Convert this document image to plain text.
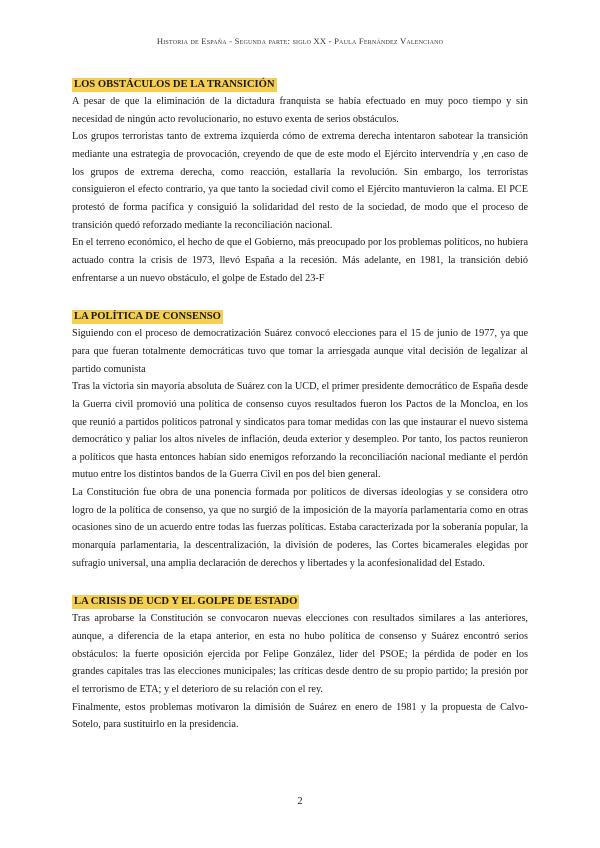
Historia de España - Segunda parte: siglo XX - Paula Fernández Valenciano
LOS OBSTÁCULOS DE LA TRANSICIÓN

A pesar de que la eliminación de la dictadura franquista se había efectuado en muy poco tiempo y sin necesidad de ningún acto revolucionario, no estuvo exenta de serios obstáculos.

Los grupos terroristas tanto de extrema izquierda cómo de extrema derecha intentaron sabotear la transición mediante una estrategia de provocación, creyendo de que de este modo el Ejército intervendría y ,en caso de los grupos de extrema derecha, como reacción, estallaría la revolución. Sin embargo, los terroristas consiguieron el efecto contrario, ya que tanto la sociedad civil como el Ejército mantuvieron la calma. El PCE protestó de forma pacífica y consiguió la solidaridad del resto de la sociedad, de modo que el proceso de transición quedó reforzado mediante la reconciliación nacional.

En el terreno económico, el hecho de que el Gobierno, más preocupado por los problemas políticos, no hubiera actuado contra la crisis de 1973, llevó España a la recesión. Más adelante, en 1981, la transición debió enfrentarse a un nuevo obstáculo, el golpe de Estado del 23-F

LA POLÍTICA DE CONSENSO

Siguiendo con el proceso de democratización Suárez convocó elecciones para el 15 de junio de 1977, ya que para que fueran totalmente democráticas tuvo que tomar la arriesgada aunque vital decisión de legalizar al partido comunista

Tras la victoria sin mayoría absoluta de Suárez con la UCD, el primer presidente democrático de España desde la Guerra civil promovió una política de consenso cuyos resultados fueron los Pactos de la Moncloa, en los que reunió a partidos políticos patronal y sindicatos para tomar medidas con las que instaurar el nuevo sistema democrático y paliar los altos niveles de inflación, deuda exterior y desempleo. Por tanto, los pactos reunieron a políticos que hasta entonces habían sido enemigos reforzando la reconciliación nacional mediante el perdón mutuo entre los distintos bandos de la Guerra Civil en pos del bien general.

La Constitución fue obra de una ponencia formada por políticos de diversas ideologías y se considera otro logro de la política de consenso, ya que no surgió de la imposición de la mayoría parlamentaria como en otras ocasiones sino de un acuerdo entre todas las fuerzas políticas. Estaba caracterizada por la soberanía popular, la monarquía parlamentaria, la descentralización, la división de poderes, las Cortes bicamerales elegidas por sufragio universal, una amplia declaración de derechos y libertades y la aconfesionalidad del Estado.

LA CRISIS DE UCD Y EL GOLPE DE ESTADO

Tras aprobarse la Constitución se convocaron nuevas elecciones con resultados similares a las anteriores, aunque, a diferencia de la etapa anterior, en esta no hubo política de consenso y Suárez encontró serios obstáculos: la fuerte oposición ejercida por Felipe González, líder del PSOE; la pérdida de poder en los grandes capitales tras las elecciones municipales; las críticas desde dentro de su propio partido; la presión por el terrorismo de ETA; y el deterioro de su relación con el rey.

Finalmente, estos problemas motivaron la dimisión de Suárez en enero de 1981 y la propuesta de Calvo-Sotelo, para sustituirlo en la presidencia.

2
